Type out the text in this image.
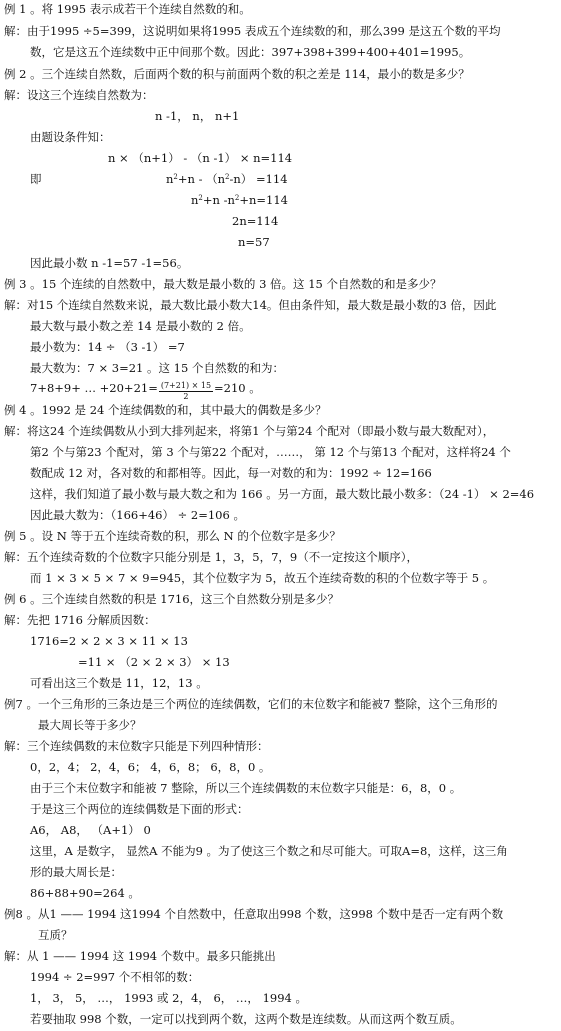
例 1 。将 1995 表示成若干个连续自然数的和。
解：由于1995 ÷5=399，这说明如果将1995 表成五个连续数的和，那么399 是这五个数的平均
数，它是这五个连续数中正中间那个数。因此：397+398+399+400+401=1995。
例 2 。三个连续自然数，后面两个数的积与前面两个数的积之差是 114，最小的数是多少？
解：设这三个连续自然数为：
n -1， n， n+1
由题设条件知：
n × （n+1） - （n -1） × n=114
即	$n^2+n - (n^2-n) =114$
$n^2+n$ $-n^2+n=114$
2n=114
n=57
因此最小数 n -1=57 -1=56。
例 3 。15 个连续的自然数中，最大数是最小数的 3 倍。这 15 个自然数的和是多少？
解：对15 个连续自然数来说，最大数比最小数大14。但由条件知，最大数是最小数的3 倍，因此
最大数与最小数之差 14 是最小数的 2 倍。
最小数为：14 ÷ （3 -1） =7
最大数为：7 × 3=21 。这 15 个自然数的和为：
7+8+9+ … $+20+21= \frac{(7+21) \times 15}{2} =210$ 。
例 4 。1992 是 24 个连续偶数的和，其中最大的偶数是多少？
解：将这24 个连续偶数从小到大排列起来，将第1 个与第24 个配对（即最小数与最大数配对），
第2 个与第23 个配对，第 3 个与第22 个配对，……， 第 12 个与第13 个配对，这样将24 个
数配成 12 对，各对数的和都相等。因此，每一对数的和为：1992 ÷ 12=166
这样，我们知道了最小数与最大数之和为 166 。另一方面，最大数比最小数多：（24 -1） × 2=46
因此最大数为：（166+46） ÷ 2=106 。
例 5 。设 N 等于五个连续奇数的积，那么 N 的个位数字是多少？
解：五个连续奇数的个位数字只能分别是 1，3，5，7，9（不一定按这个顺序），
而 1 × 3 × 5 × 7 × 9=945，其个位数字为 5，故五个连续奇数的积的个位数字等于 5 。
例 6 。三个连续自然数的积是 1716，这三个自然数分别是多少？
解：先把 1716 分解质因数：
1716=2 × 2 × 3 × 11 × 13
=11 × （2 × 2 × 3） × 13
可看出这三个数是 11，12，13 。
例7 。一个三角形的三条边是三个两位的连续偶数，它们的末位数字和能被7 整除，这个三角形的
最大周长等于多少？
解：三个连续偶数的末位数字只能是下列四种情形：
0，2，4； 2，4，6； 4，6，8； 6，8，0 。
由于三个末位数字和能被 7 整除，所以三个连续偶数的末位数字只能是：6，8，0 。
于是这三个两位的连续偶数是下面的形式：
A6， A8， （A+1） 0
这里，A 是数字， 显然A 不能为9 。为了使这三个数之和尽可能大。可取A=8，这样，这三角
形的最大周长是：
86+88+90=264 。
例8 。从1 —— 1994 这1994 个自然数中，任意取出998 个数，这998 个数中是否一定有两个数
互质？
解：从 1 —— 1994 这 1994 个数中。最多只能挑出
1994 ÷ 2=997 个不相邻的数：
1， 3， 5， …， 1993 或 2，4， 6， …， 1994 。
若要抽取 998 个数，一定可以找到两个数，这两个数是连续数。从而这两个数互质。
